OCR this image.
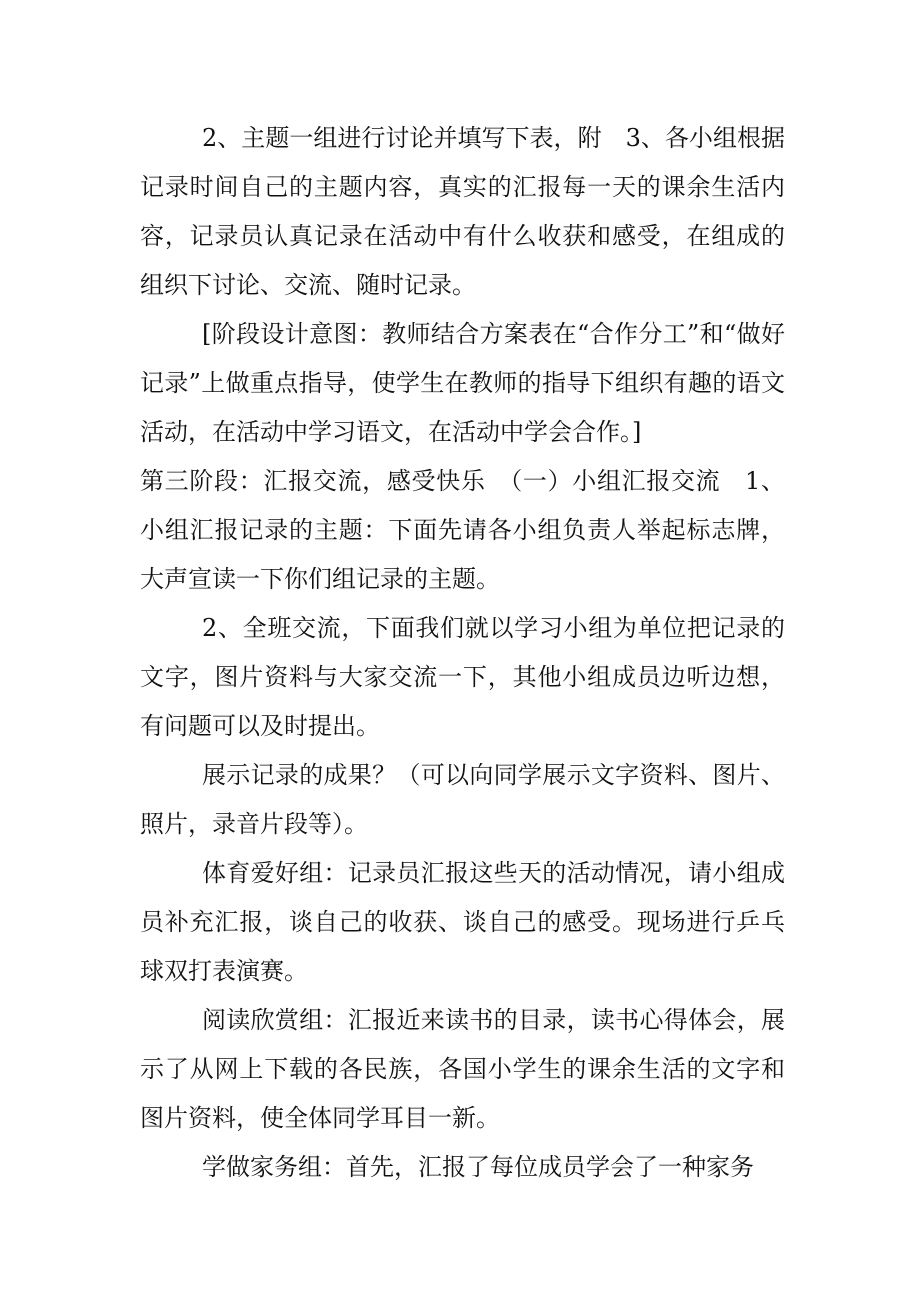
2、主题一组进行讨论并填写下表，附　3、各小组根据记录时间自己的主题内容，真实的汇报每一天的课余生活内容，记录员认真记录在活动中有什么收获和感受，在组成的组织下讨论、交流、随时记录。

[阶段设计意图：教师结合方案表在“合作分工”和“做好记录”上做重点指导，使学生在教师的指导下组织有趣的语文活动，在活动中学习语文，在活动中学会合作。]

第三阶段：汇报交流，感受快乐　（一）小组汇报交流　1、小组汇报记录的主题：下面先请各小组负责人举起标志牌，大声宣读一下你们组记录的主题。

2、全班交流，下面我们就以学习小组为单位把记录的文字，图片资料与大家交流一下，其他小组成员边听边想，有问题可以及时提出。

展示记录的成果？（可以向同学展示文字资料、图片、照片，录音片段等）。

体育爱好组：记录员汇报这些天的活动情况，请小组成员补充汇报，谈自己的收获、谈自己的感受。现场进行乒乓球双打表演赛。

阅读欣赏组：汇报近来读书的目录，读书心得体会，展示了从网上下载的各民族，各国小学生的课余生活的文字和图片资料，使全体同学耳目一新。

学做家务组：首先，汇报了每位成员学会了一种家务
